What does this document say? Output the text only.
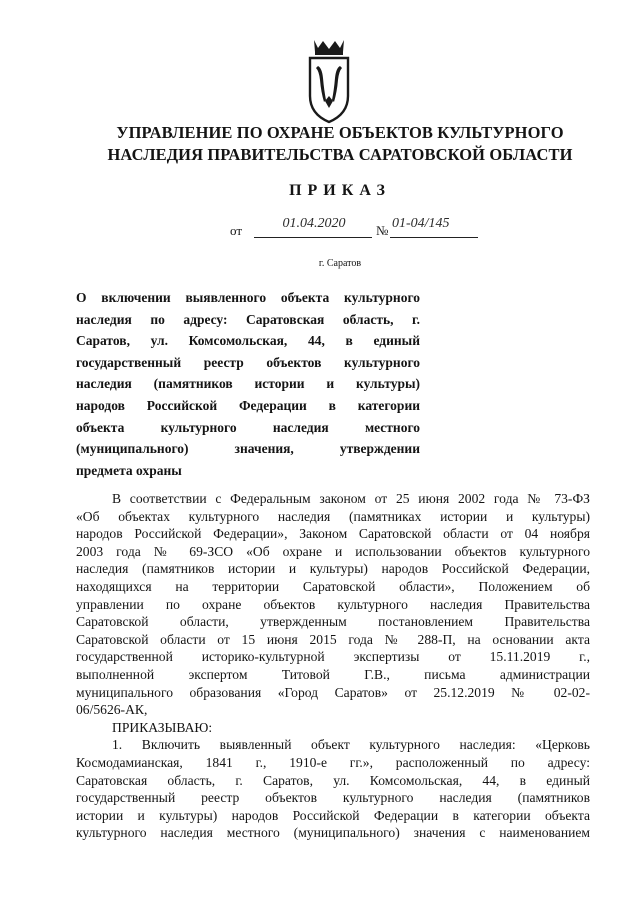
УПРАВЛЕНИЕ ПО ОХРАНЕ ОБЪЕКТОВ КУЛЬТУРНОГО
НАСЛЕДИЯ ПРАВИТЕЛЬСТВА САРАТОВСКОЙ ОБЛАСТИ
ПРИКАЗ
от	01.04.2020	№ 01-04/145
г. Саратов
О включении выявленного объекта культурного
наследия по адресу: Саратовская область, г.
Саратов, ул. Комсомольская, 44, в единый
государственный реестр объектов культурного
наследия (памятников истории и культуры)
народов Российской Федерации в категории
объекта культурного наследия местного
(муниципального) значения, утверждении
предмета охраны
В соответствии с Федеральным законом от 25 июня 2002 года № 73-ФЗ
«Об объектах культурного наследия (памятниках истории и культуры)
народов Российской Федерации», Законом Саратовской области от 04 ноября
2003 года № 69-ЗСО «Об охране и использовании объектов культурного
наследия (памятников истории и культуры) народов Российской Федерации,
находящихся на территории Саратовской области», Положением об
управлении по охране объектов культурного наследия Правительства
Саратовской области, утвержденным постановлением Правительства
Саратовской области от 15 июня 2015 года № 288-П, на основании акта
государственной историко-культурной экспертизы от 15.11.2019 г.,
выполненной экспертом Титовой Г.В., письма администрации
муниципального образования «Город Саратов» от 25.12.2019 № 02-02-
06/5626-АК,
ПРИКАЗЫВАЮ:
1. Включить выявленный объект культурного наследия: «Церковь
Космодамианская, 1841 г., 1910-е гг.», расположенный по адресу:
Саратовская область, г. Саратов, ул. Комсомольская, 44, в единый
государственный реестр объектов культурного наследия (памятников
истории и культуры) народов Российской Федерации в категории объекта
культурного наследия местного (муниципального) значения с наименованием
